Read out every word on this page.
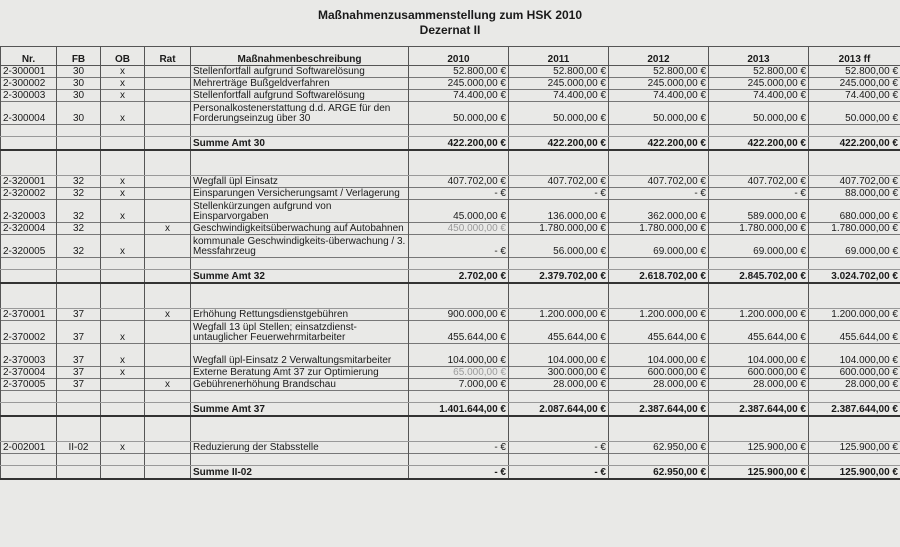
Maßnahmenzusammenstellung zum HSK 2010
Dezernat II
Nr.	FB	OB	Rat	Maßnahmenbeschreibung	2010	2011	2012	2013	2013 ff
2-300001	30	x		Stellenfortfall aufgrund Softwarelösung	52.800,00 €	52.800,00 €	52.800,00 €	52.800,00 €	52.800,00 €
2-300002	30	x		Mehrerträge Bußgeldverfahren	245.000,00 €	245.000,00 €	245.000,00 €	245.000,00 €	245.000,00 €
2-300003	30	x		Stellenfortfall aufgrund Softwarelösung	74.400,00 €	74.400,00 €	74.400,00 €	74.400,00 €	74.400,00 €
2-300004	30	x		Personalkostenerstattung d.d. ARGE für den Forderungseinzug über 30	50.000,00 €	50.000,00 €	50.000,00 €	50.000,00 €	50.000,00 €

				Summe Amt 30	422.200,00 €	422.200,00 €	422.200,00 €	422.200,00 €	422.200,00 €

2-320001	32	x		Wegfall üpl Einsatz	407.702,00 €	407.702,00 €	407.702,00 €	407.702,00 €	407.702,00 €
2-320002	32	x		Einsparungen Versicherungsamt / Verlagerung	- €	- €	- €	- €	88.000,00 €
2-320003	32	x		Stellenkürzungen aufgrund von Einsparvorgaben	45.000,00 €	136.000,00 €	362.000,00 €	589.000,00 €	680.000,00 €
2-320004	32		x	Geschwindigkeitsüberwachung auf Autobahnen	450.000,00 €	1.780.000,00 €	1.780.000,00 €	1.780.000,00 €	1.780.000,00 €
2-320005	32	x		kommunale Geschwindigkeits-überwachung / 3. Messfahrzeug	- €	56.000,00 €	69.000,00 €	69.000,00 €	69.000,00 €

				Summe Amt 32	2.702,00 €	2.379.702,00 €	2.618.702,00 €	2.845.702,00 €	3.024.702,00 €

2-370001	37		x	Erhöhung Rettungsdienstgebühren	900.000,00 €	1.200.000,00 €	1.200.000,00 €	1.200.000,00 €	1.200.000,00 €
2-370002	37	x		Wegfall 13 üpl Stellen; einsatzdienst-untauglicher Feuerwehrmitarbeiter	455.644,00 €	455.644,00 €	455.644,00 €	455.644,00 €	455.644,00 €
2-370003	37	x		Wegfall üpl-Einsatz 2 Verwaltungsmitarbeiter	104.000,00 €	104.000,00 €	104.000,00 €	104.000,00 €	104.000,00 €
2-370004	37	x		Externe Beratung Amt 37 zur Optimierung	65.000,00 €	300.000,00 €	600.000,00 €	600.000,00 €	600.000,00 €
2-370005	37		x	Gebührenerhöhung Brandschau	7.000,00 €	28.000,00 €	28.000,00 €	28.000,00 €	28.000,00 €

				Summe Amt 37	1.401.644,00 €	2.087.644,00 €	2.387.644,00 €	2.387.644,00 €	2.387.644,00 €

2-002001	II-02	x		Reduzierung der Stabsstelle	- €	- €	62.950,00 €	125.900,00 €	125.900,00 €

				Summe II-02	- €	- €	62.950,00 €	125.900,00 €	125.900,00 €
